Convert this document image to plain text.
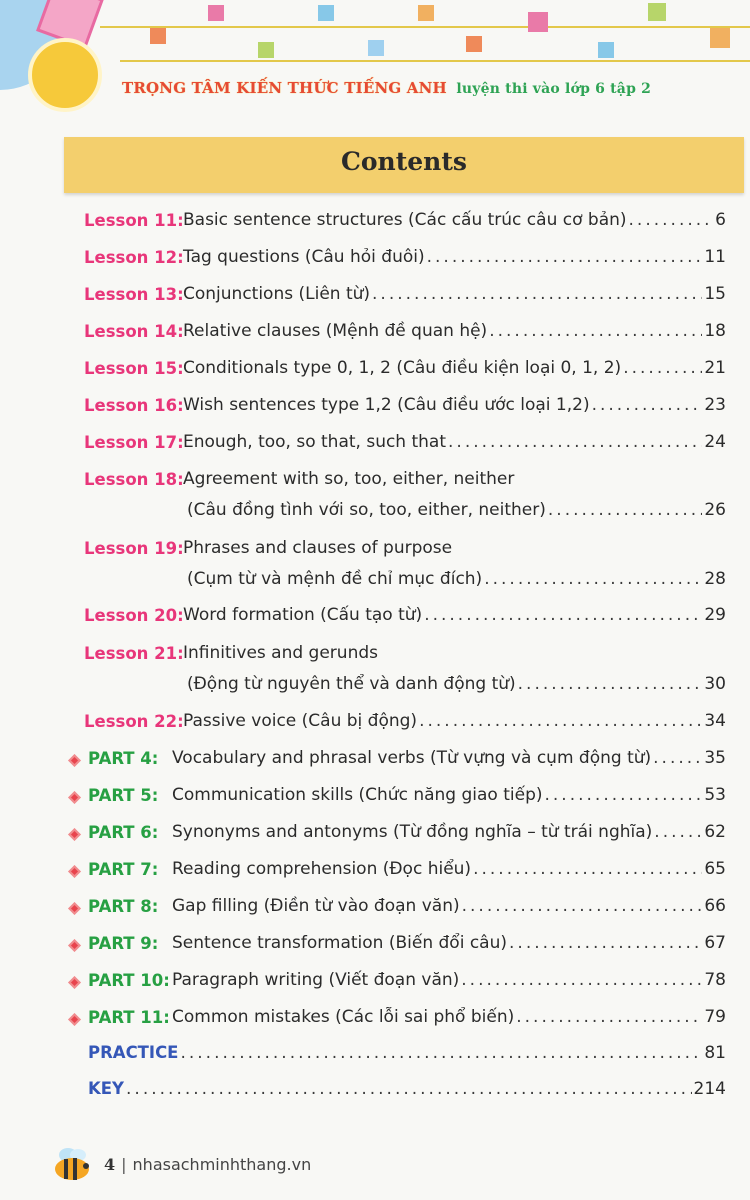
TRỌNG TÂM KIẾN THỨC TIẾNG ANH luyện thi vào lớp 6 tập 2
Contents
Lesson 11: Basic sentence structures (Các cấu trúc câu cơ bản) .....	6
Lesson 12: Tag questions (Câu hỏi đuôi) .....	11
Lesson 13: Conjunctions (Liên từ) .....	15
Lesson 14: Relative clauses (Mệnh đề quan hệ) .....	18
Lesson 15: Conditionals type 0, 1, 2 (Câu điều kiện loại 0, 1, 2) .....	21
Lesson 16: Wish sentences type 1,2 (Câu điều ước loại 1,2) .....	23
Lesson 17: Enough, too, so that, such that .....	24
Lesson 18: Agreement with so, too, either, neither
(Câu đồng tình với so, too, either, neither) .....	26
Lesson 19: Phrases and clauses of purpose
(Cụm từ và mệnh đề chỉ mục đích) .....	28
Lesson 20: Word formation (Cấu tạo từ) .....	29
Lesson 21: Infinitives and gerunds
(Động từ nguyên thể và danh động từ) .....	30
Lesson 22: Passive voice (Câu bị động) .....	34
PART 4: Vocabulary and phrasal verbs (Từ vựng và cụm động từ) .....	35
PART 5: Communication skills (Chức năng giao tiếp) .....	53
PART 6: Synonyms and antonyms (Từ đồng nghĩa – từ trái nghĩa) .....	62
PART 7: Reading comprehension (Đọc hiểu) .....	65
PART 8: Gap filling (Điền từ vào đoạn văn) .....	66
PART 9: Sentence transformation (Biến đổi câu) .....	67
PART 10: Paragraph writing (Viết đoạn văn) .....	78
PART 11: Common mistakes (Các lỗi sai phổ biến) .....	79
PRACTICE .....	81
KEY .....	214
4 | nhasachminhthang.vn
